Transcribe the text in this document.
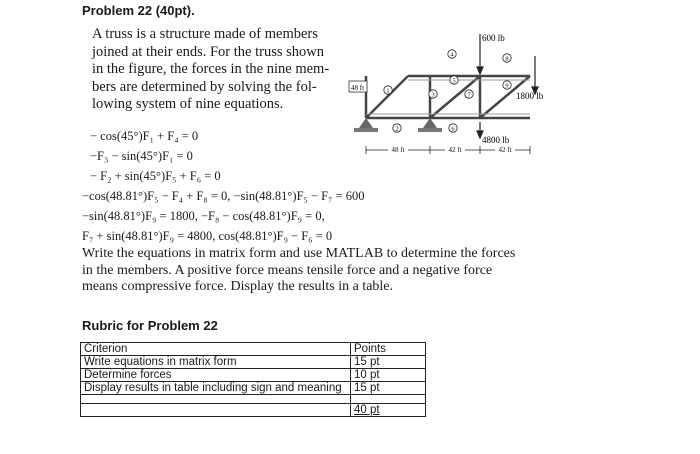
Problem 22 (40pt).
A truss is a structure made of members
joined at their ends. For the truss shown
in the figure, the forces in the nine mem-
bers are determined by solving the fol-
lowing system of nine equations.
− cos(45°)F₁ + F₄ = 0
−F₃ − sin(45°)F₁ = 0
− F₂ + sin(45°)F₅ + F₆ = 0
−cos(48.81°)F₅ − F₄ + F₈ = 0, −sin(48.81°)F₅ − F₇ = 600
−sin(48.81°)F₉ = 1800, −F₈ − cos(48.81°)F₉ = 0,
F₇ + sin(48.81°)F₉ = 4800, cos(48.81°)F₉ − F₆ = 0
600 lb
1800 lb
4800 lb
48 ft	1
2
3
4
5
6
7
8
9
48 ft	42 ft	42 ft
Write the equations in matrix form and use MATLAB to determine the forces
in the members. A positive force means tensile force and a negative force
means compressive force. Display the results in a table.
Rubric for Problem 22
Criterion	Points
Write equations in matrix form	15 pt
Determine forces	10 pt
Display results in table including sign and meaning	15 pt

	40 pt
